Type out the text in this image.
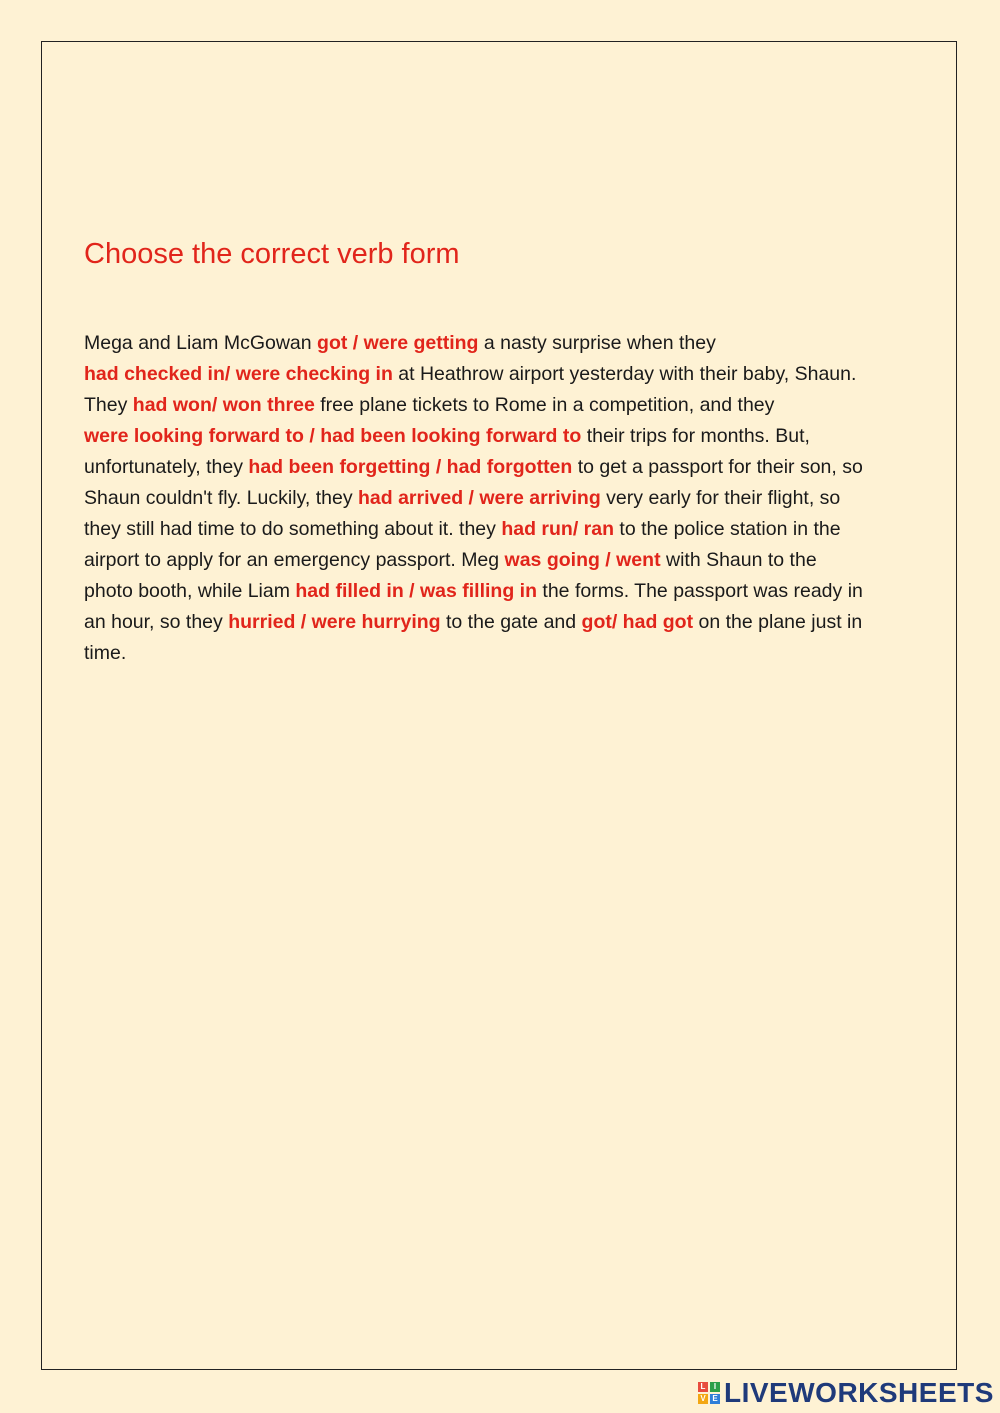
Choose the correct verb form
Mega and Liam McGowan got / were getting a nasty surprise when they
had checked in/ were checking in at Heathrow airport yesterday with their baby, Shaun.
They had won/ won three free plane tickets to Rome in a competition, and they
were looking forward to / had been looking forward to their trips for months. But,
unfortunately, they had been forgetting / had forgotten to get a passport for their son, so
Shaun couldn't fly. Luckily, they had arrived / were arriving very early for their flight, so
they still had time to do something about it. they had run/ ran to the police station in the
airport to apply for an emergency passport. Meg was going / went with Shaun to the
photo booth, while Liam had filled in / was filling in the forms. The passport was ready in
an hour, so they hurried / were hurrying to the gate and got/ had got on the plane just in
time.
L	I
V E LIVEWORKSHEETS
